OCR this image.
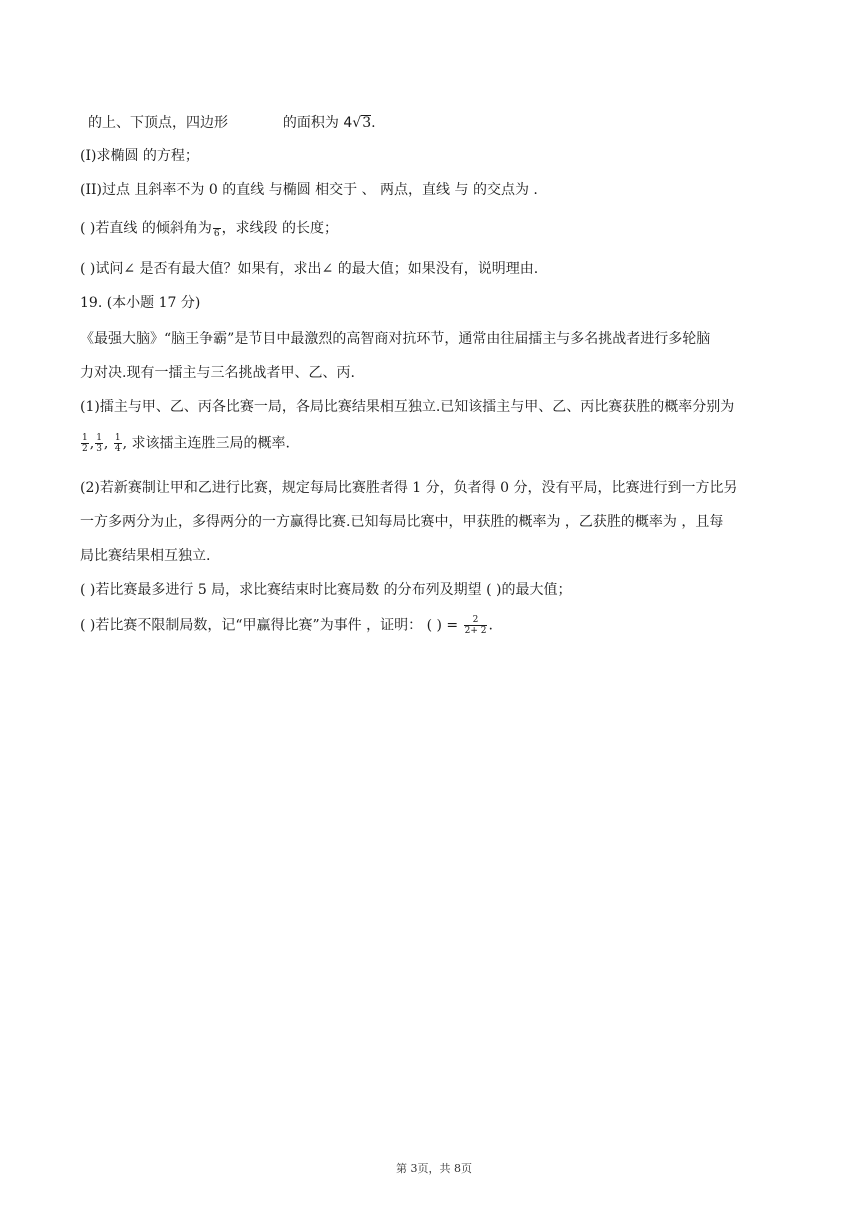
的上、下顶点，四边形	的面积为 4√3.
(I)求椭圆 的方程；
(II)过点 且斜率不为 0 的直线 与椭圆 相交于 、 两点，直线 与 的交点为 .
( )若直线 的倾斜角为
6 ，求线段 的长度；
( )试问∠ 是否有最大值？如果有，求出∠ 的最大值；如果没有，说明理由.
19. (本小题 17 分)
《最强大脑》“脑王争霸”是节目中最激烈的高智商对抗环节，通常由往届擂主与多名挑战者进行多轮脑
力对决.现有一擂主与三名挑战者甲、乙、丙.
(1)擂主与甲、乙、丙各比赛一局，各局比赛结果相互独立.已知该擂主与甲、乙、丙比赛获胜的概率分别为
$\frac{1}{2}$ , $\frac{1}{3}$ , $\frac{1}{4}$ , 求该擂主连胜三局的概率.
(2)若新赛制让甲和乙进行比赛，规定每局比赛胜者得 1 分，负者得 0 分，没有平局，比赛进行到一方比另
一方多两分为止，多得两分的一方赢得比赛.已知每局比赛中，甲获胜的概率为 ，乙获胜的概率为 ，且每
局比赛结果相互独立.
( )若比赛最多进行 5 局，求比赛结束时比赛局数 的分布列及期望 ( )的最大值；
( )若比赛不限制局数，记“甲赢得比赛”为事件 ，证明： ( ) = $\frac{2}{2+ 2}$ .
第 3页，共 8页
